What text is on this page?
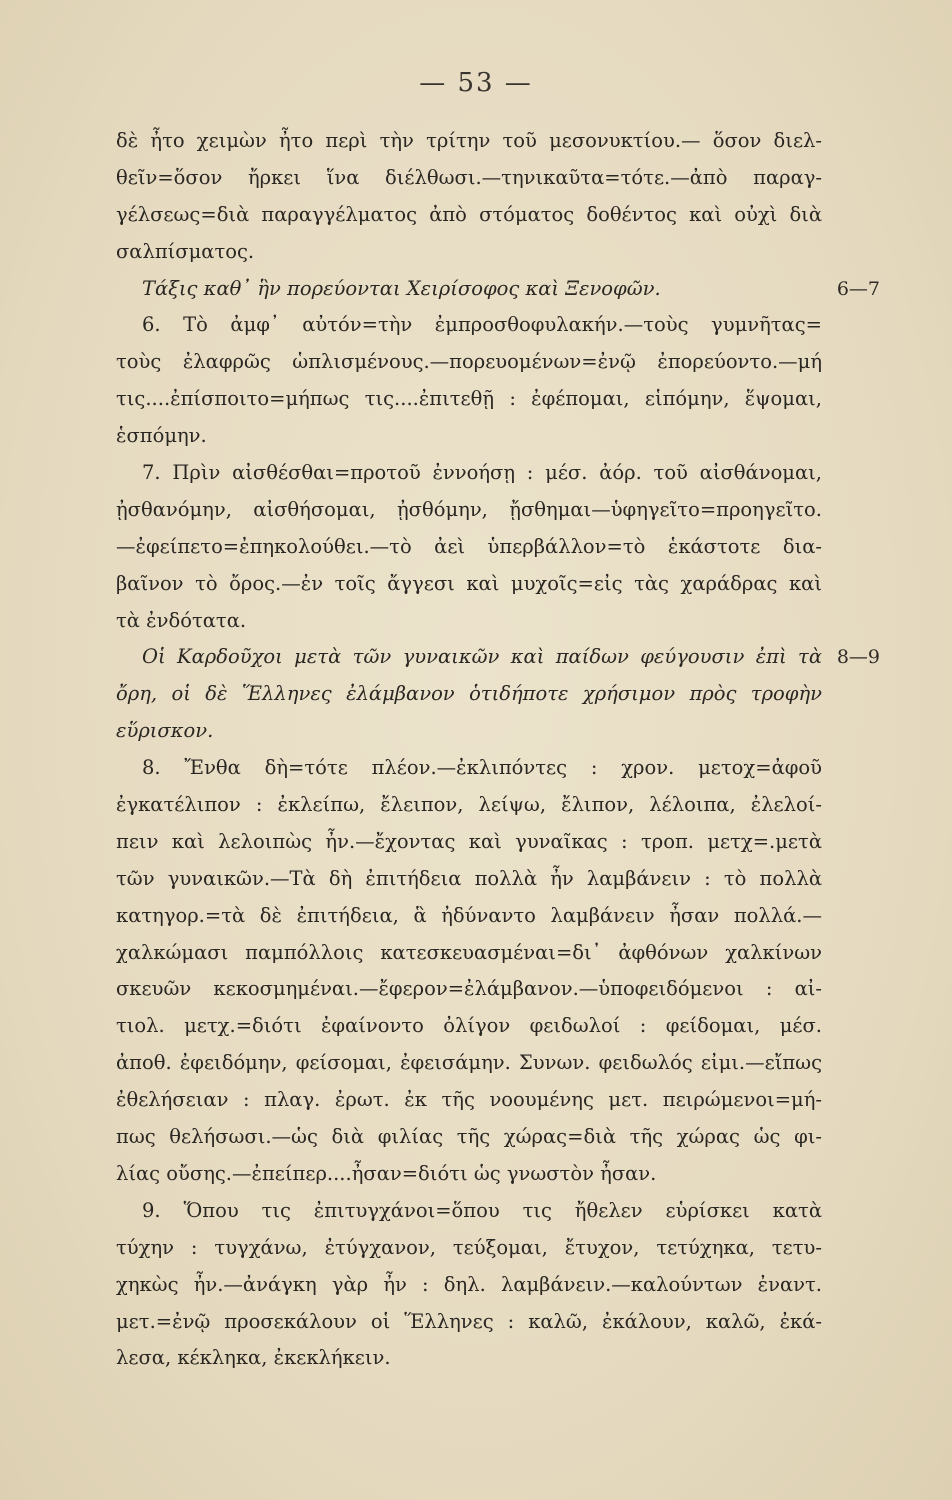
— 53 —
δὲ ἦτο χειμὼν ἦτο περὶ τὴν τρίτην τοῦ μεσονυκτίου.— ὅσον διελ-
θεῖν=ὅσον ἤρκει ἵνα διέλθωσι.—τηνικαῦτα=τότε.—ἀπὸ παραγ-
γέλσεως=διὰ παραγγέλματος ἀπὸ στόματος δοθέντος καὶ οὐχὶ διὰ
σαλπίσματος.
Τάξις καθ᾽ ἣν πορεύονται Χειρίσοφος καὶ Ξενοφῶν.	6—7
6. Τὸ ἀμφ᾽ αὐτόν=τὴν ἐμπροσθοφυλακήν.—τοὺς γυμνῆτας=
τοὺς ἐλαφρῶς ὡπλισμένους.—πορευομένων=ἐνῷ ἐπορεύοντο.—μή
τις....ἐπίσποιτο=μήπως τις....ἐπιτεθῇ : ἐφέπομαι, εἱπόμην, ἕψομαι,
ἑσπόμην.
7. Πρὶν αἰσθέσθαι=προτοῦ ἐννοήσῃ : μέσ. ἀόρ. τοῦ αἰσθάνομαι,
ᾐσθανόμην, αἰσθήσομαι, ᾐσθόμην, ᾔσθημαι—ὑφηγεῖτο=προηγεῖτο.
—ἐφείπετο=ἐπηκολούθει.—τὸ ἀεὶ ὑπερβάλλον=τὸ ἑκάστοτε δια-
βαῖνον τὸ ὄρος.—ἐν τοῖς ἄγγεσι καὶ μυχοῖς=εἰς τὰς χαράδρας καὶ
τὰ ἐνδότατα.
Οἱ Καρδοῦχοι μετὰ τῶν γυναικῶν καὶ παίδων φεύγουσιν ἐπὶ τὰ 8—9
ὄρη, οἱ δὲ Ἕλληνες ἐλάμβανον ὁτιδήποτε χρήσιμον πρὸς τροφὴν
εὕρισκον.
8. Ἔνθα δὴ=τότε πλέον.—ἐκλιπόντες : χρον. μετοχ=ἀφοῦ
ἐγκατέλιπον : ἐκλείπω, ἔλειπον, λείψω, ἔλιπον, λέλοιπα, ἐλελοί-
πειν καὶ λελοιπὼς ἦν.—ἔχοντας καὶ γυναῖκας : τροπ. μετχ=.μετὰ
τῶν γυναικῶν.—Τὰ δὴ ἐπιτήδεια πολλὰ ἦν λαμβάνειν : τὸ πολλὰ
κατηγορ.=τὰ δὲ ἐπιτήδεια, ἃ ἠδύναντο λαμβάνειν ἦσαν πολλά.—
χαλκώμασι παμπόλλοις κατεσκευασμέναι=δι᾽ ἀφθόνων χαλκίνων
σκευῶν κεκοσμημέναι.—ἔφερον=ἐλάμβανον.—ὑποφειδόμενοι : αἰ-
τιολ. μετχ.=διότι ἐφαίνοντο ὀλίγον φειδωλοί : φείδομαι, μέσ.
ἀποθ. ἐφειδόμην, φείσομαι, ἐφεισάμην. Συνων. φειδωλός εἰμι.—εἴπως
ἐθελήσειαν : πλαγ. ἐρωτ. ἐκ τῆς νοουμένης μετ. πειρώμενοι=μή-
πως θελήσωσι.—ὡς διὰ φιλίας τῆς χώρας=διὰ τῆς χώρας ὡς φι-
λίας οὔσης.—ἐπείπερ....ἦσαν=διότι ὡς γνωστὸν ἦσαν.
9. Ὅπου τις ἐπιτυγχάνοι=ὅπου τις ἤθελεν εὑρίσκει κατὰ
τύχην : τυγχάνω, ἐτύγχανον, τεύξομαι, ἔτυχον, τετύχηκα, τετυ-
χηκὼς ἦν.—ἀνάγκη γὰρ ἦν : δηλ. λαμβάνειν.—καλούντων ἐναντ.
μετ.=ἐνῷ προσεκάλουν οἱ Ἕλληνες : καλῶ, ἐκάλουν, καλῶ, ἐκά-
λεσα, κέκληκα, ἐκεκλήκειν.
